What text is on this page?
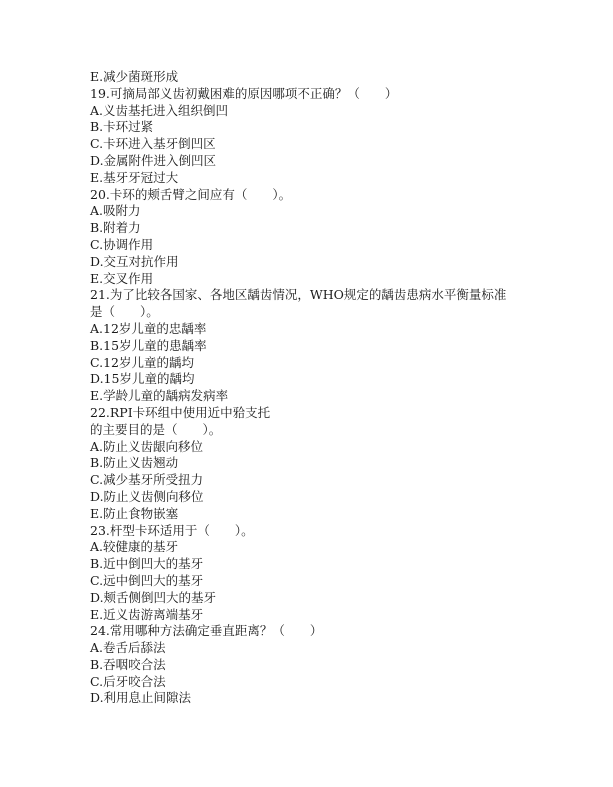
E.减少菌斑形成

19.可摘局部义齿初戴困难的原因哪项不正确？（　　）

A.义齿基托进入组织倒凹

B.卡环过紧

C.卡环进入基牙倒凹区

D.金属附件进入倒凹区

E.基牙牙冠过大

20.卡环的颊舌臂之间应有（　　）。

A.吸附力

B.附着力

C.协调作用

D.交互对抗作用

E.交叉作用

21.为了比较各国家、各地区龋齿情况，WHO规定的龋齿患病水平衡量标准

是（　　）。

A.12岁儿童的忠龋率

B.15岁儿童的患龋率

C.12岁儿童的龋均

D.15岁儿童的龋均

E.学龄儿童的龋病发病率

22.RPI卡环组中使用近中𬌗支托

的主要目的是（　　）。

A.防止义齿龈向移位

B.防止义齿翘动

C.减少基牙所受扭力

D.防止义齿侧向移位

E.防止食物嵌塞

23.杆型卡环适用于（　　）。

A.较健康的基牙

B.近中倒凹大的基牙

C.远中倒凹大的基牙

D.颊舌侧倒凹大的基牙

E.近义齿游离端基牙

24.常用哪种方法确定垂直距离？（　　）

A.卷舌后舔法

B.吞咽咬合法

C.后牙咬合法

D.利用息止间隙法
